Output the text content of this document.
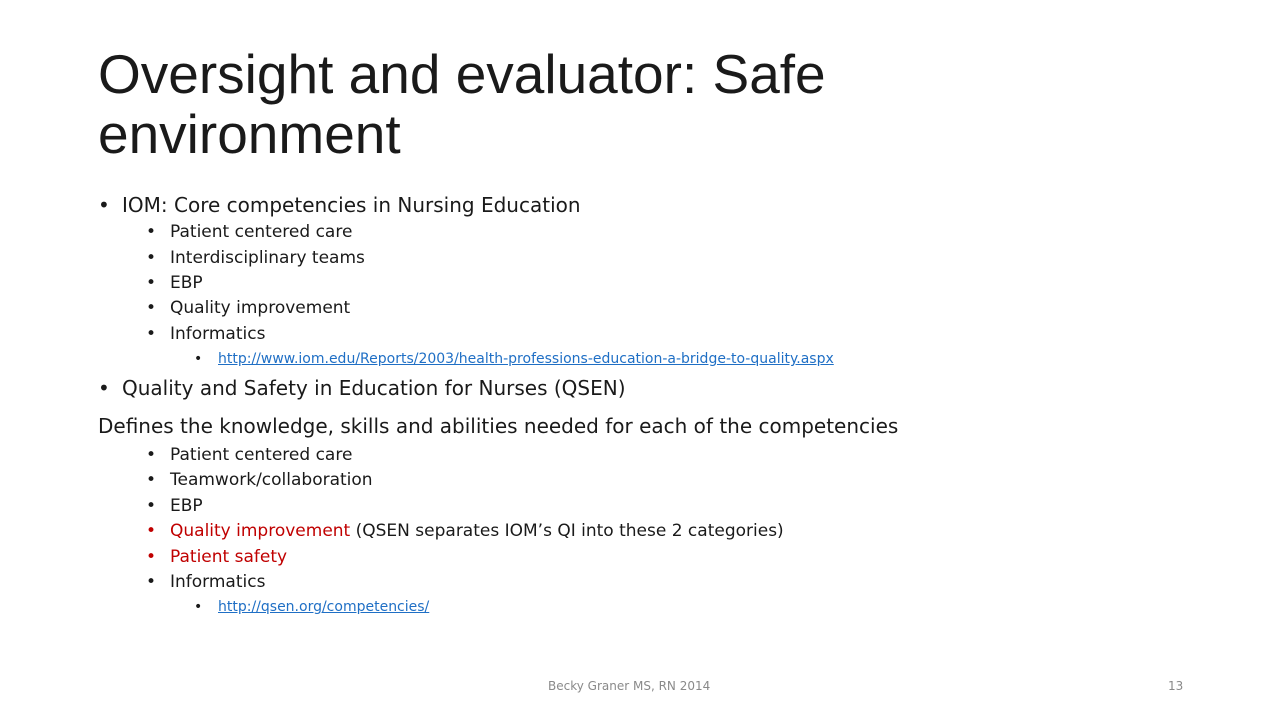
Oversight and evaluator: Safe environment
• IOM: Core competencies in Nursing Education
• Patient centered care
• Interdisciplinary teams
• EBP
• Quality improvement
• Informatics
• http://www.iom.edu/Reports/2003/health-professions-education-a-bridge-to-quality.aspx
• Quality and Safety in Education for Nurses (QSEN)
Defines the knowledge, skills and abilities needed for each of the competencies
• Patient centered care
• Teamwork/collaboration
• EBP
• Quality improvement (QSEN separates IOM’s QI into these 2 categories)
• Patient safety
• Informatics
• http://qsen.org/competencies/
Becky Graner MS, RN 2014	13
